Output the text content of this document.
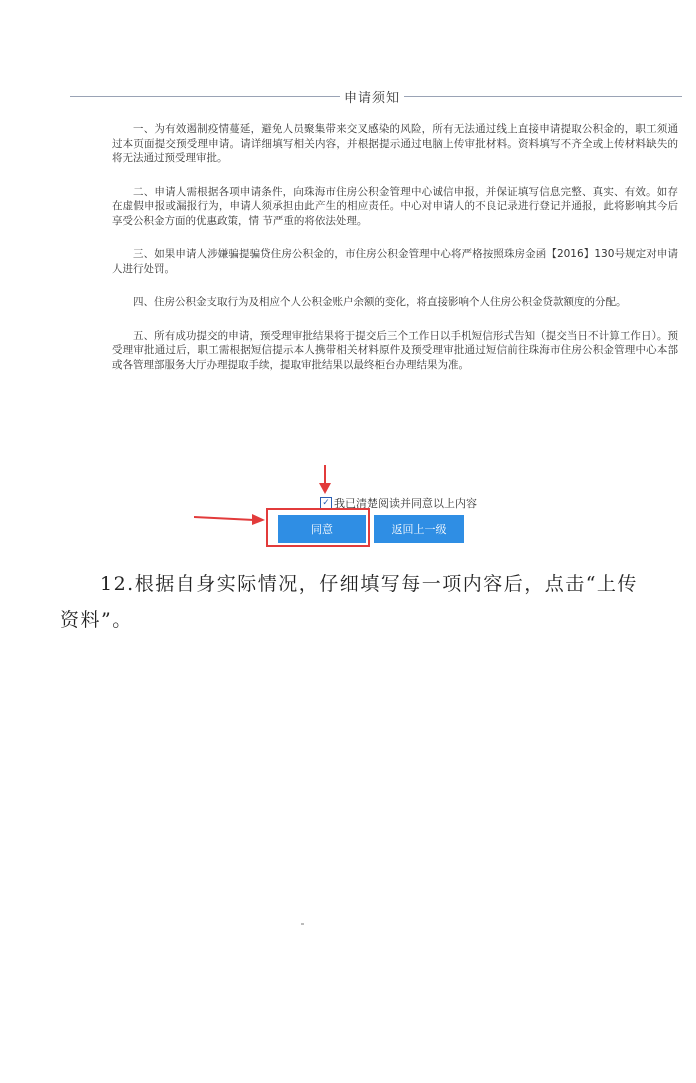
申请须知

一、为有效遏制疫情蔓延，避免人员聚集带来交叉感染的风险，所有无法通过线上直接申请提取公积金的，职工须通过本页面提交预受理申请。请详细填写相关内容，并根据提示通过电脑上传审批材料。资料填写不齐全或上传材料缺失的将无法通过预受理审批。

二、申请人需根据各项申请条件，向珠海市住房公积金管理中心诚信申报，并保证填写信息完整、真实、有效。如存在虚假申报或漏报行为，申请人须承担由此产生的相应责任。中心对申请人的不良记录进行登记并通报，此将影响其今后享受公积金方面的优惠政策，情 节严重的将依法处理。

三、如果申请人涉嫌骗提骗贷住房公积金的，市住房公积金管理中心将严格按照珠房金函【2016】130号规定对申请人进行处罚。

四、住房公积金支取行为及相应个人公积金账户余额的变化，将直接影响个人住房公积金贷款额度的分配。

五、所有成功提交的申请，预受理审批结果将于提交后三个工作日以手机短信形式告知（提交当日不计算工作日）。预受理审批通过后，职工需根据短信提示本人携带相关材料原件及预受理审批通过短信前往珠海市住房公积金管理中心本部或各管理部服务大厅办理提取手续，提取审批结果以最终柜台办理结果为准。

✓ 我已清楚阅读并同意以上内容
同意	返回上一级
12.根据自身实际情况，仔细填写每一项内容后，点击“上传资料”。
